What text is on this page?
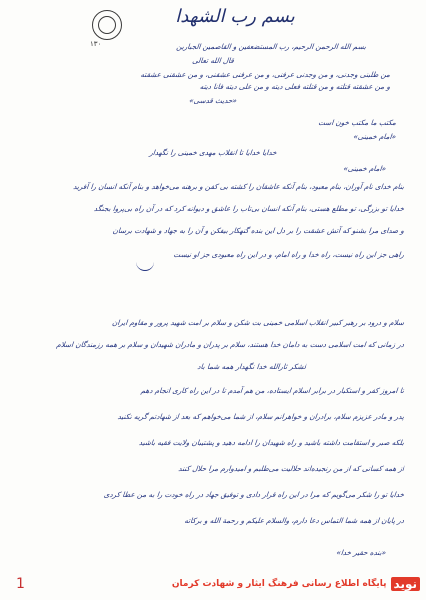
۱۳۰
بسم رب الشهدا
بسم الله الرحمن الرحیم، رب المستضعفین و القاصمین الجبارین
قال الله تعالی
من طلبنی وجدنی، و من وجدنی عرفنی، و من عرفنی عشقنی، و من عشقنی عشقته
و من عشقته قتلته و من قتلته فعلی دیته و من علی دیته فانا دیته
«حدیث قدسی»
مکتب ما مکتب خون است
«امام خمینی»
خدایا خدایا تا انقلاب مهدی خمینی را نگهدار
«امام خمینی»
بنام خدای نام آوران، بنام معبود، بنام آنکه عاشقان را کشته بی کفن و برهنه می‌خواهد و بنام آنکه انسان را آفرید
خدایا تو بزرگی، تو مطلع هستی، بنام آنکه انسان بی‌تاب را عاشق و دیوانه کرد که در آن راه بی‌پروا بجنگد
و صدای مرا بشنو که آتش عشقت را بر دل این بنده گنهکار بیفکن و آن را به جهاد و شهادت برسان
راهی جز این راه نیست، راه خدا و راه امام، و در این راه معبودی جز او نیست
سلام و درود بر رهبر کبیر انقلاب اسلامی خمینی بت شکن و سلام بر امت شهید پرور و مقاوم ایران
در زمانی که امت اسلامی دست به دامان خدا هستند، سلام بر پدران و مادران شهیدان و سلام بر همه رزمندگان اسلام
لشکر ثارالله خدا نگهدار همه شما باد
تا امروز کفر و استکبار در برابر اسلام ایستاده، من هم آمدم تا در این راه کاری انجام دهم
پدر و مادر عزیزم سلام، برادران و خواهرانم سلام، از شما می‌خواهم که بعد از شهادتم گریه نکنید
بلکه صبر و استقامت داشته باشید و راه شهیدان را ادامه دهید و پشتیبان ولایت فقیه باشید
از همه کسانی که از من رنجیده‌اند حلالیت می‌طلبم و امیدوارم مرا حلال کنند
خدایا تو را شکر می‌گویم که مرا در این راه قرار دادی و توفیق جهاد در راه خودت را به من عطا کردی
در پایان از همه شما التماس دعا دارم، والسلام علیکم و رحمة الله و برکاته
«بنده حقیر خدا»
1	پایگاه اطلاع رسانی فرهنگ ایثار و شهادت کرمان نوید
